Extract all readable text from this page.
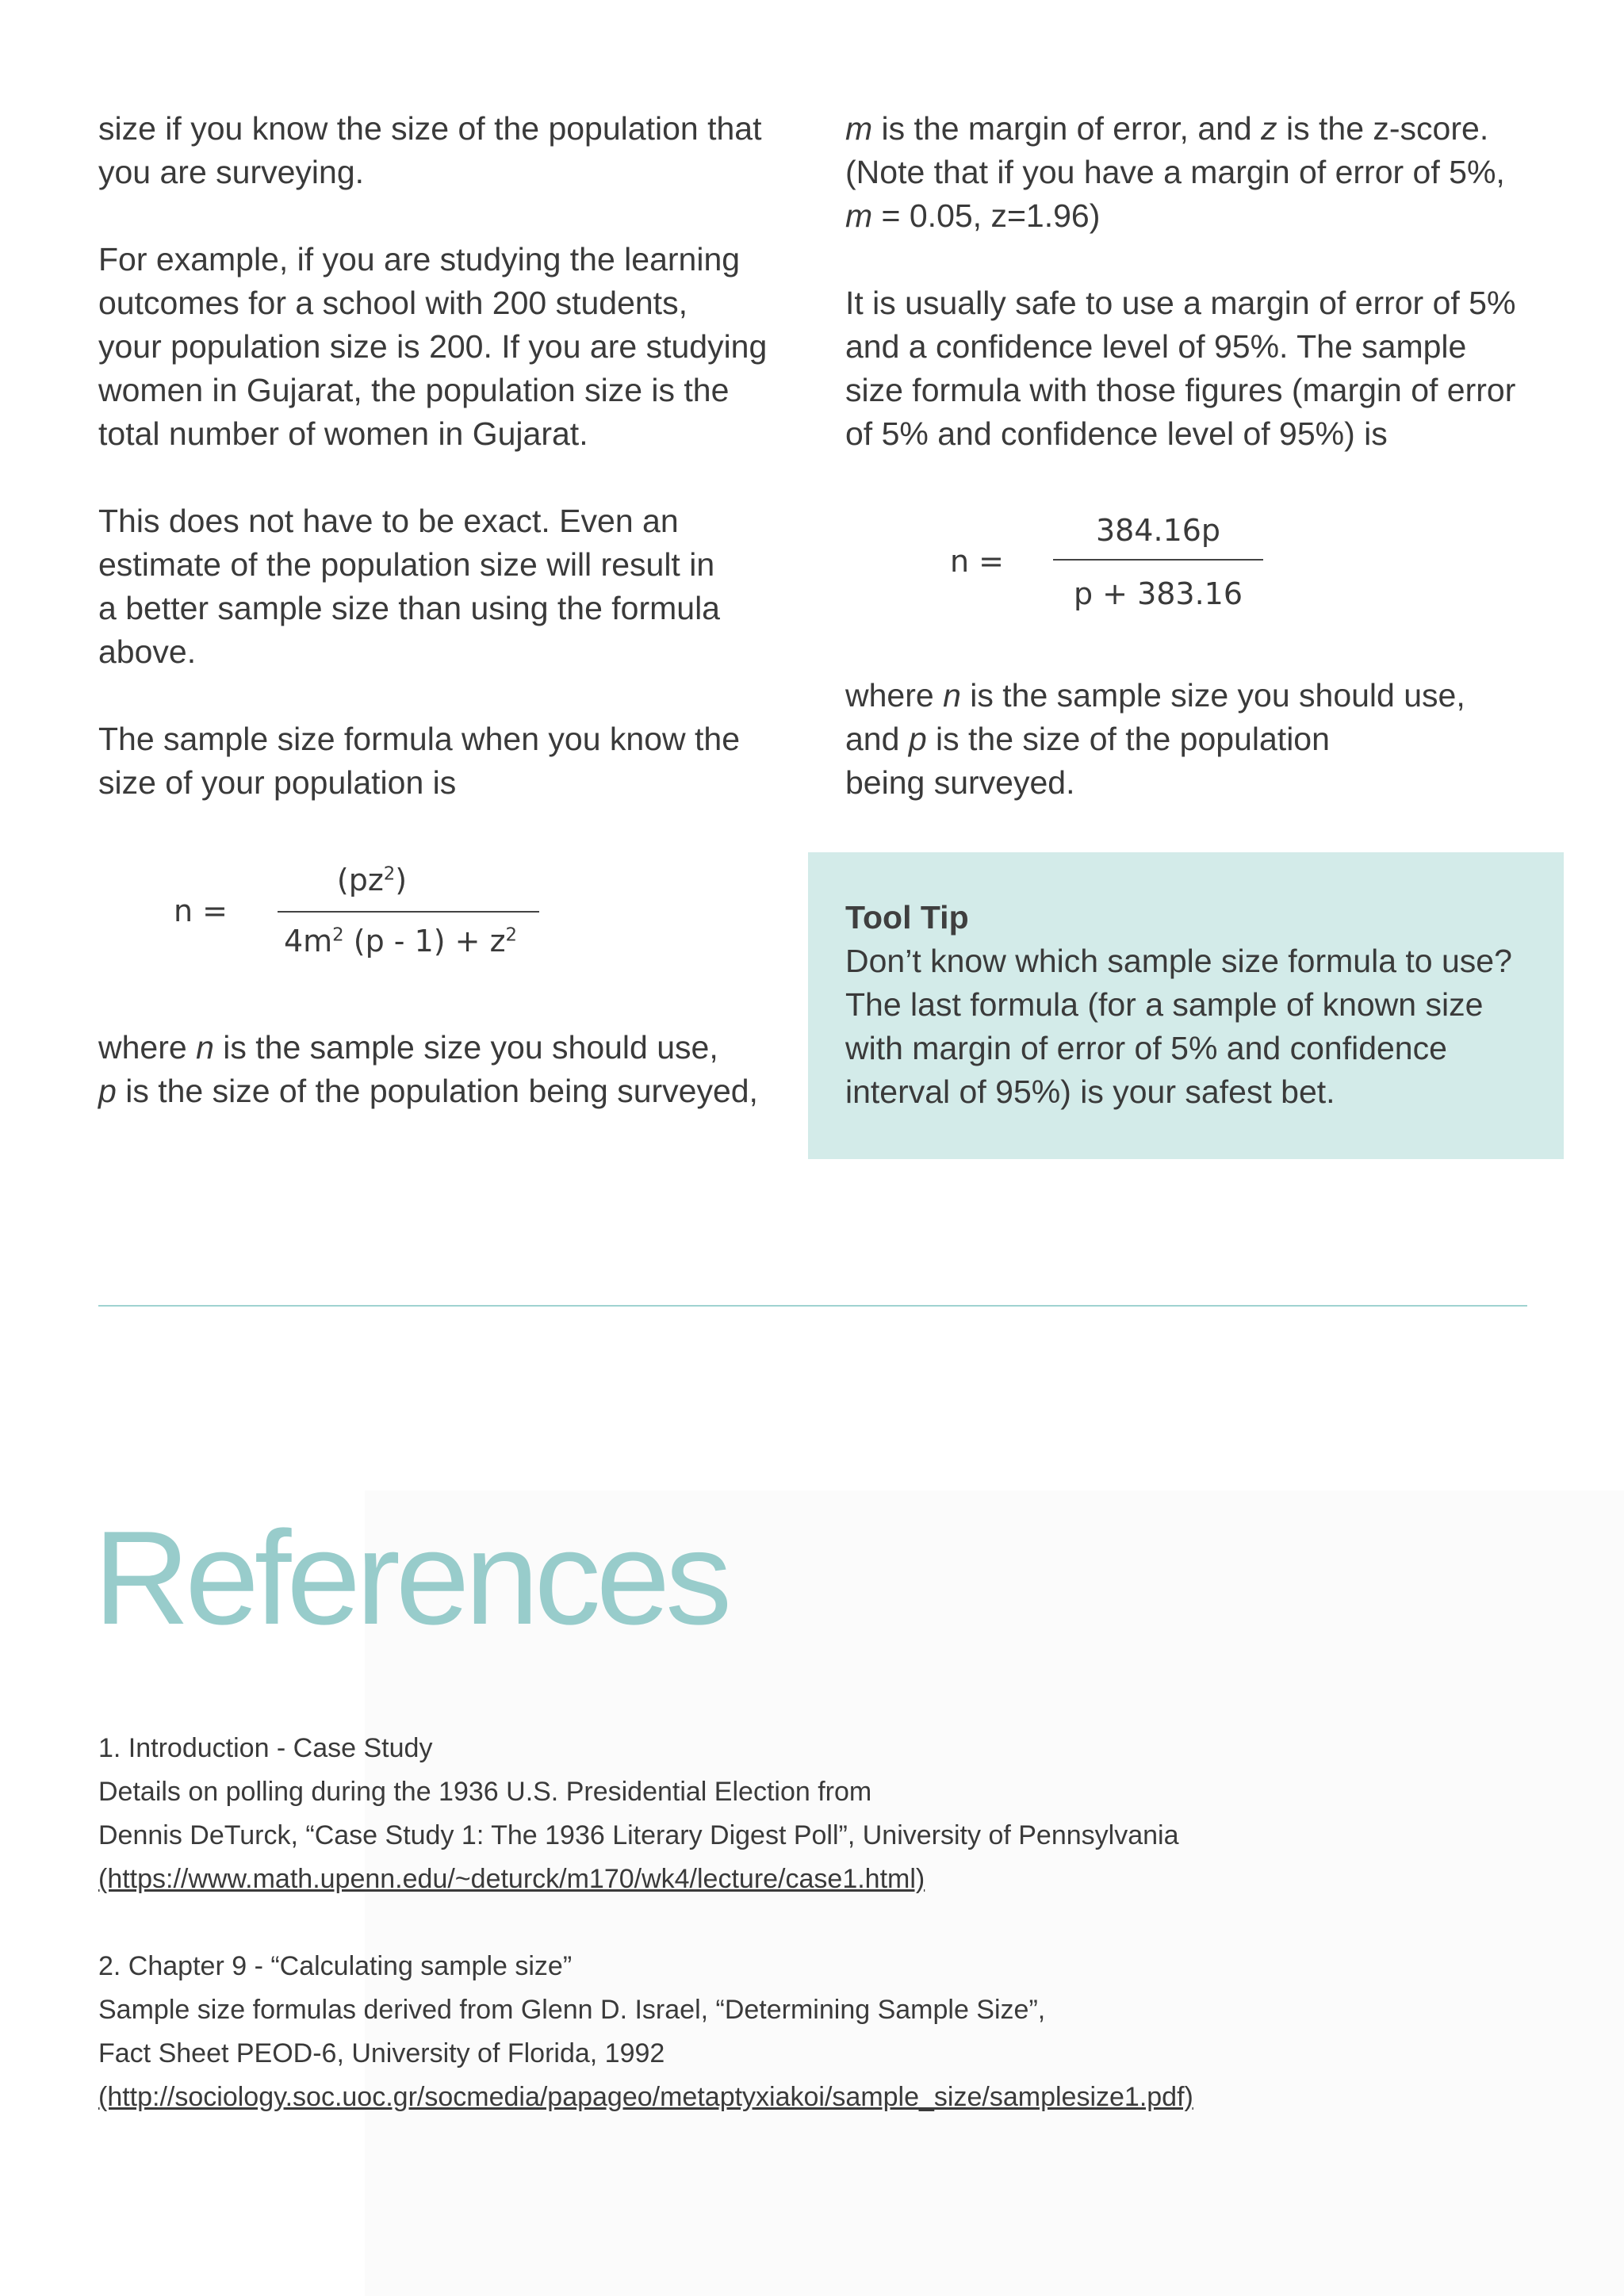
size if you know the size of the population that
you are surveying.

For example, if you are studying the learning
outcomes for a school with 200 students,
your population size is 200. If you are studying
women in Gujarat, the population size is the
total number of women in Gujarat.

This does not have to be exact. Even an
estimate of the population size will result in
a better sample size than using the formula
above.

The sample size formula when you know the
size of your population is

n =
$(pz^2)$
$4m^2$ $(p - 1) + z^2$

where n is the sample size you should use,
p is the size of the population being surveyed,

m is the margin of error, and z is the z-score.
(Note that if you have a margin of error of 5%,
m = 0.05, z=1.96)

It is usually safe to use a margin of error of 5%
and a confidence level of 95%. The sample
size formula with those figures (margin of error
of 5% and confidence level of 95%) is

n =
384.16p
p + 383.16

where n is the sample size you should use,
and p is the size of the population
being surveyed.

Tool Tip
Don’t know which sample size formula to use?
The last formula (for a sample of known size
with margin of error of 5% and confidence
interval of 95%) is your safest bet.
References
1. Introduction - Case Study
Details on polling during the 1936 U.S. Presidential Election from
Dennis DeTurck, “Case Study 1: The 1936 Literary Digest Poll”, University of Pennsylvania
(https://www.math.upenn.edu/~deturck/m170/wk4/lecture/case1.html)
2. Chapter 9 - “Calculating sample size”
Sample size formulas derived from Glenn D. Israel, “Determining Sample Size”,
Fact Sheet PEOD-6, University of Florida, 1992
(http://sociology.soc.uoc.gr/socmedia/papageo/metaptyxiakoi/sample_size/samplesize1.pdf)
